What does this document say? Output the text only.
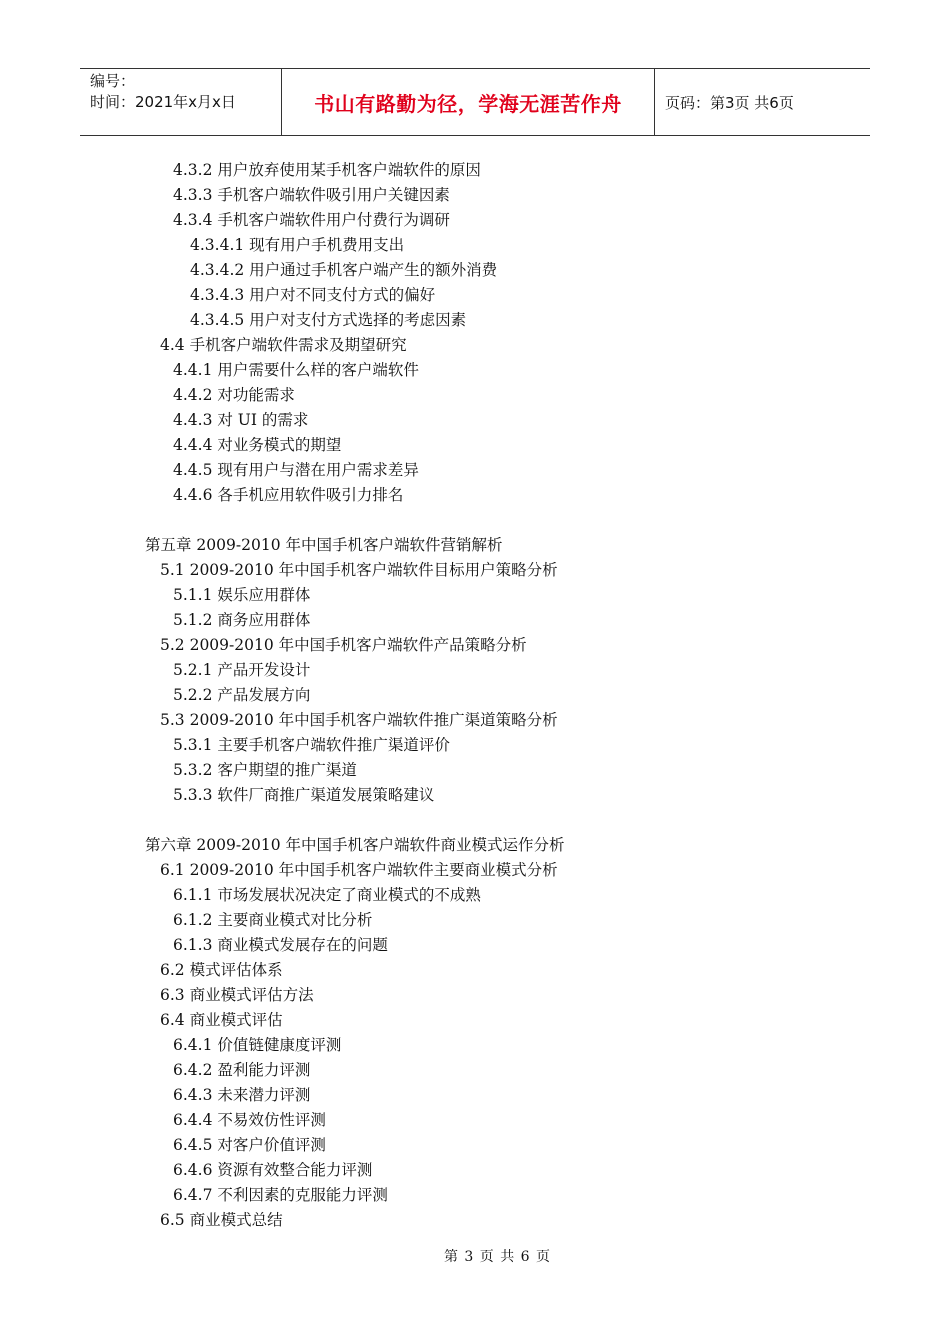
编号：
时间：2021年x月x日	书山有路勤为径，学海无涯苦作舟	页码：第3页 共6页
4.3.2 用户放弃使用某手机客户端软件的原因
4.3.3 手机客户端软件吸引用户关键因素
4.3.4 手机客户端软件用户付费行为调研
4.3.4.1 现有用户手机费用支出
4.3.4.2 用户通过手机客户端产生的额外消费
4.3.4.3 用户对不同支付方式的偏好
4.3.4.5 用户对支付方式选择的考虑因素
4.4 手机客户端软件需求及期望研究
4.4.1 用户需要什么样的客户端软件
4.4.2 对功能需求
4.4.3 对 UI 的需求
4.4.4 对业务模式的期望
4.4.5 现有用户与潜在用户需求差异
4.4.6 各手机应用软件吸引力排名
第五章 2009-2010 年中国手机客户端软件营销解析
5.1 2009-2010 年中国手机客户端软件目标用户策略分析
5.1.1 娱乐应用群体
5.1.2 商务应用群体
5.2 2009-2010 年中国手机客户端软件产品策略分析
5.2.1 产品开发设计
5.2.2 产品发展方向
5.3 2009-2010 年中国手机客户端软件推广渠道策略分析
5.3.1 主要手机客户端软件推广渠道评价
5.3.2 客户期望的推广渠道
5.3.3 软件厂商推广渠道发展策略建议
第六章 2009-2010 年中国手机客户端软件商业模式运作分析
6.1 2009-2010 年中国手机客户端软件主要商业模式分析
6.1.1 市场发展状况决定了商业模式的不成熟
6.1.2 主要商业模式对比分析
6.1.3 商业模式发展存在的问题
6.2 模式评估体系
6.3 商业模式评估方法
6.4 商业模式评估
6.4.1 价值链健康度评测
6.4.2 盈利能力评测
6.4.3 未来潜力评测
6.4.4 不易效仿性评测
6.4.5 对客户价值评测
6.4.6 资源有效整合能力评测
6.4.7 不利因素的克服能力评测
6.5 商业模式总结
第 3 页 共 6 页
